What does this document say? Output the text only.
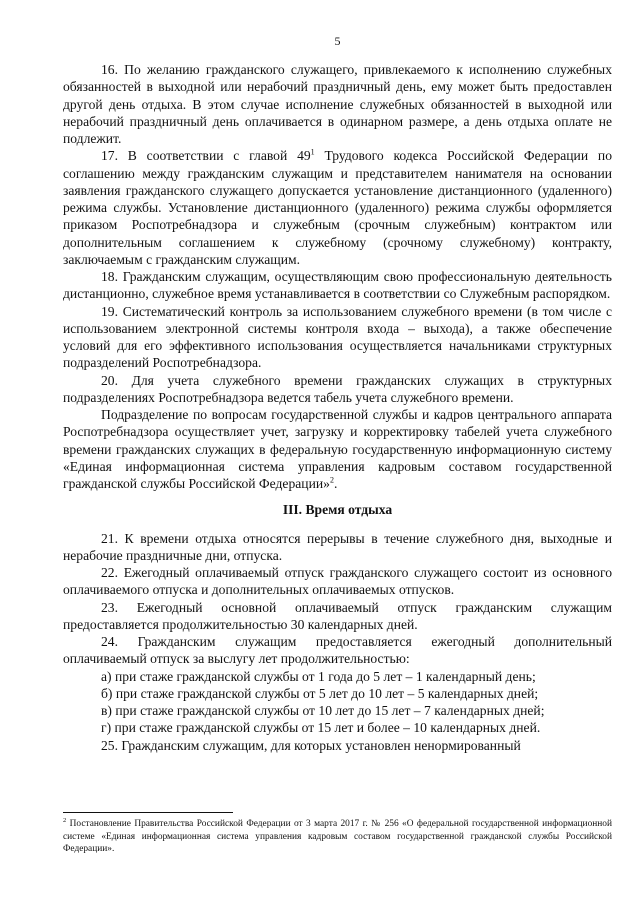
5

16. По желанию гражданского служащего, привлекаемого к исполнению служебных обязанностей в выходной или нерабочий праздничный день, ему может быть предоставлен другой день отдыха. В этом случае исполнение служебных обязанностей в выходной или нерабочий праздничный день оплачивается в одинарном размере, а день отдыха оплате не подлежит.

17. В соответствии с главой $49^1$ Трудового кодекса Российской Федерации по соглашению между гражданским служащим и представителем нанимателя на основании заявления гражданского служащего допускается установление дистанционного (удаленного) режима службы. Установление дистанционного (удаленного) режима службы оформляется приказом Роспотребнадзора и служебным (срочным служебным) контрактом или дополнительным соглашением к служебному (срочному служебному) контракту, заключаемым с гражданским служащим.

18. Гражданским служащим, осуществляющим свою профессиональную деятельность дистанционно, служебное время устанавливается в соответствии со Служебным распорядком.

19. Систематический контроль за использованием служебного времени (в том числе с использованием электронной системы контроля входа – выхода), а также обеспечение условий для его эффективного использования осуществляется начальниками структурных подразделений Роспотребнадзора.

20. Для учета служебного времени гражданских служащих в структурных подразделениях Роспотребнадзора ведется табель учета служебного времени.

Подразделение по вопросам государственной службы и кадров центрального аппарата Роспотребнадзора осуществляет учет, загрузку и корректировку табелей учета служебного времени гражданских служащих в федеральную государственную информационную систему «Единая информационная система управления кадровым составом государственной гражданской службы Российской Федерации»$^2$.

III. Время отдыха

21. К времени отдыха относятся перерывы в течение служебного дня, выходные и нерабочие праздничные дни, отпуска.

22. Ежегодный оплачиваемый отпуск гражданского служащего состоит из основного оплачиваемого отпуска и дополнительных оплачиваемых отпусков.

23. Ежегодный основной оплачиваемый отпуск гражданским служащим предоставляется продолжительностью 30 календарных дней.

24. Гражданским служащим предоставляется ежегодный дополнительный оплачиваемый отпуск за выслугу лет продолжительностью:

а) при стаже гражданской службы от 1 года до 5 лет – 1 календарный день;

б) при стаже гражданской службы от 5 лет до 10 лет – 5 календарных дней;

в) при стаже гражданской службы от 10 лет до 15 лет – 7 календарных дней;

г) при стаже гражданской службы от 15 лет и более – 10 календарных дней.

25. Гражданским служащим, для которых установлен ненормированный

$^2$ Постановление Правительства Российской Федерации от 3 марта 2017 г. № 256 «О федеральной государственной информационной системе «Единая информационная система управления кадровым составом государственной гражданской службы Российской Федерации».
